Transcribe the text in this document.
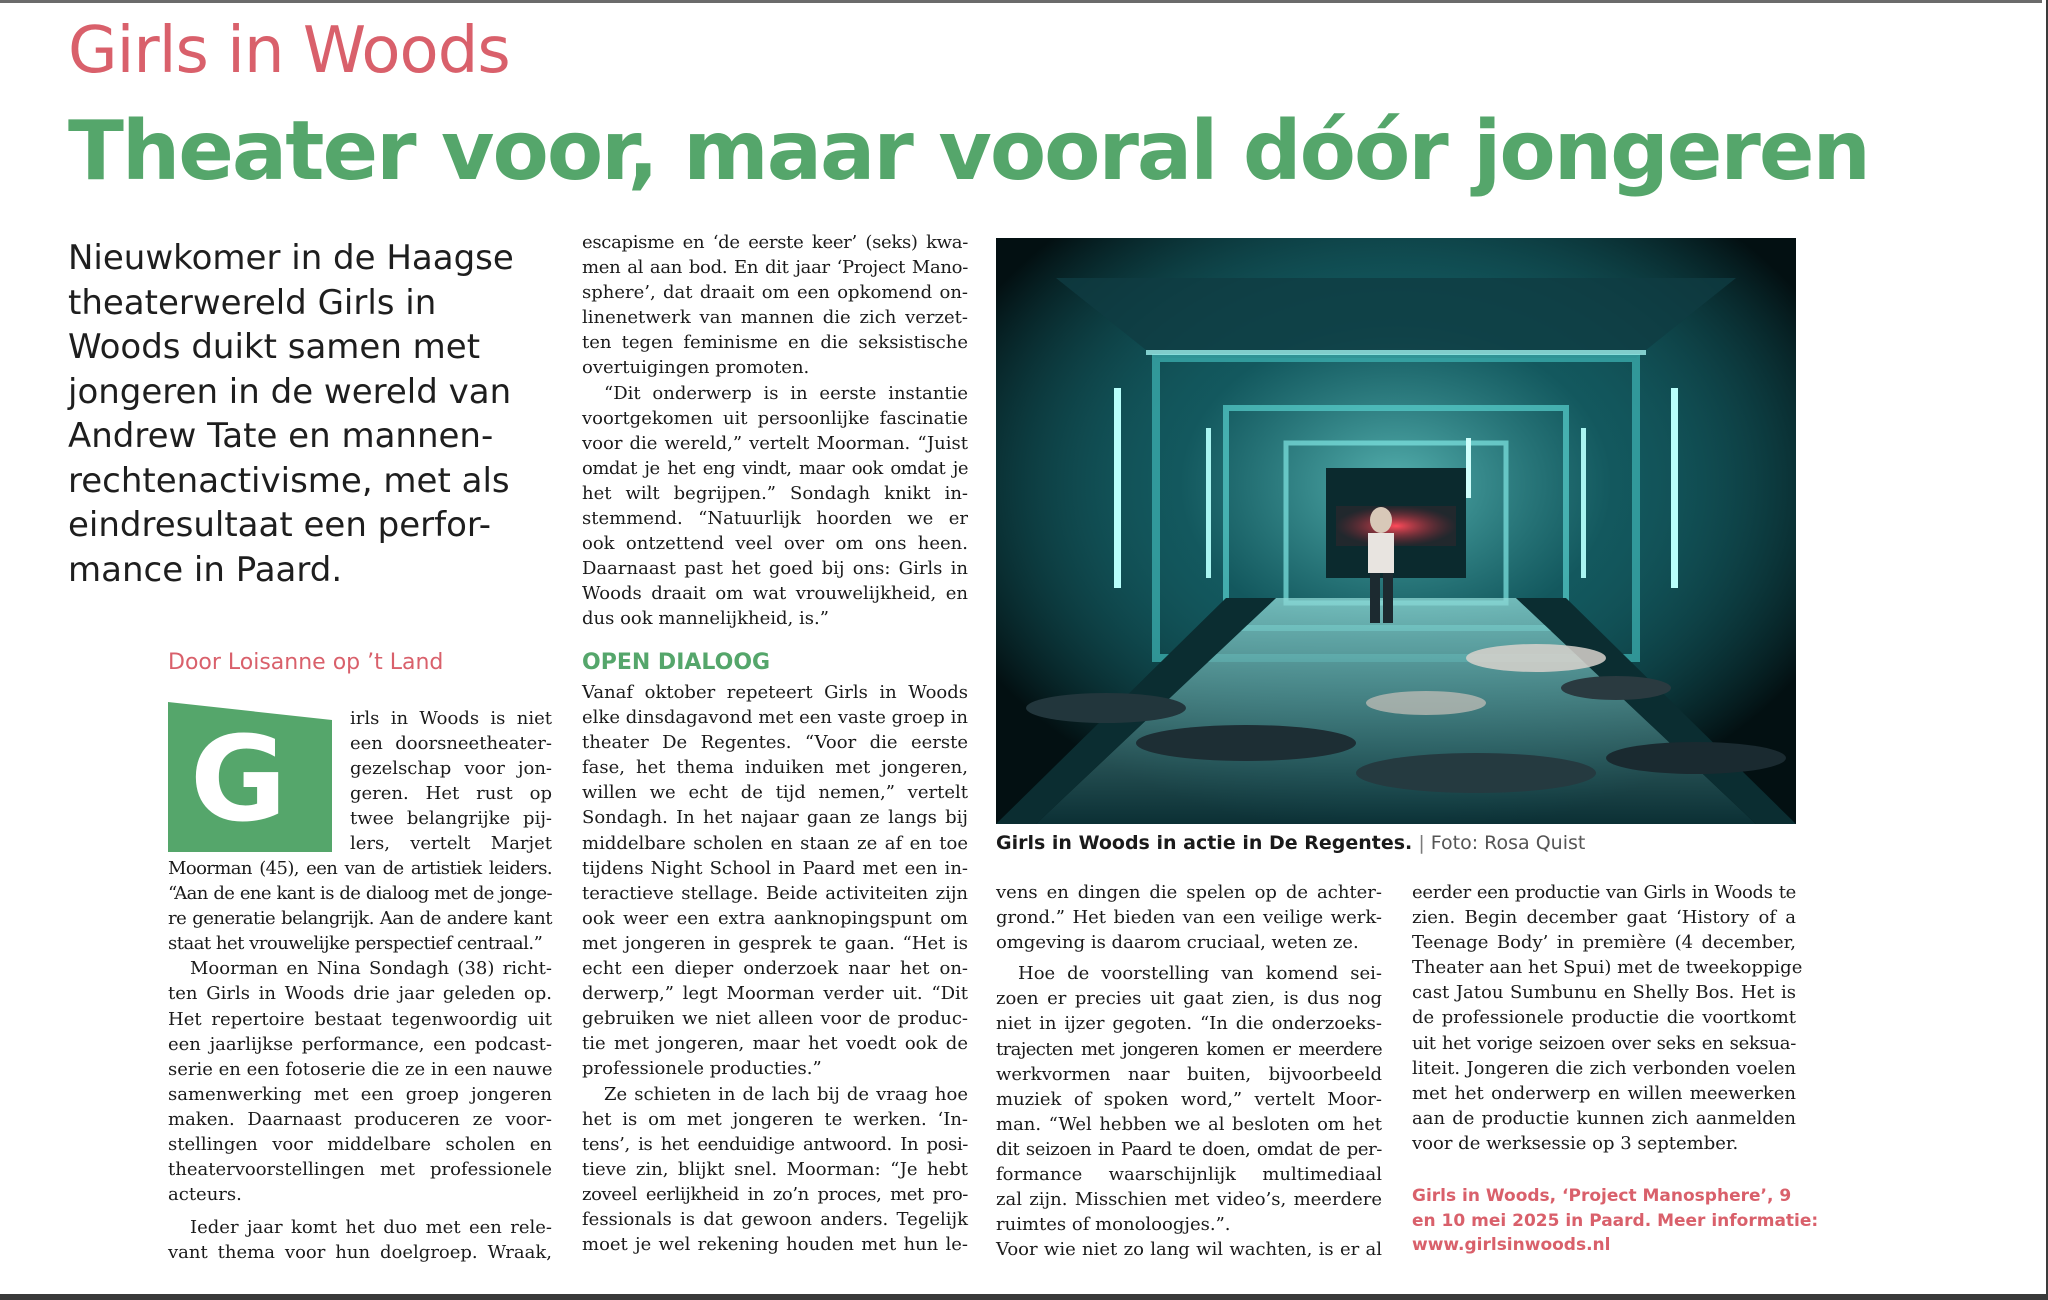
Girls in Woods
Theater voor, maar vooral dóór jongeren
Nieuwkomer in de Haagse
theaterwereld Girls in
Woods duikt samen met
jongeren in de wereld van
Andrew Tate en mannen-
rechtenactivisme, met als
eindresultaat een perfor-
mance in Paard.
Door Loisanne op ’t Land
G	irls in Woods is niet
een doorsneetheater-
gezelschap voor jon-
geren. Het rust op
twee belangrijke pij-
lers, vertelt Marjet
Moorman (45), een van de artistiek leiders.
“Aan de ene kant is de dialoog met de jonge-
re generatie belangrijk. Aan de andere kant
staat het vrouwelijke perspectief centraal.”
Moorman en Nina Sondagh (38) richt-
ten Girls in Woods drie jaar geleden op.
Het repertoire bestaat tegenwoordig uit
een jaarlijkse performance, een podcast-
serie en een fotoserie die ze in een nauwe
samenwerking met een groep jongeren
maken. Daarnaast produceren ze voor-
stellingen voor middelbare scholen en
theatervoorstellingen met professionele
acteurs.
Ieder jaar komt het duo met een rele-
vant thema voor hun doelgroep. Wraak,
escapisme en ‘de eerste keer’ (seks) kwa-
men al aan bod. En dit jaar ‘Project Mano-
sphere’, dat draait om een opkomend on-
linenetwerk van mannen die zich verzet-
ten tegen feminisme en die seksistische
overtuigingen promoten.
“Dit onderwerp is in eerste instantie
voortgekomen uit persoonlijke fascinatie
voor die wereld,” vertelt Moorman. “Juist
omdat je het eng vindt, maar ook omdat je
het wilt begrijpen.” Sondagh knikt in-
stemmend. “Natuurlijk hoorden we er
ook ontzettend veel over om ons heen.
Daarnaast past het goed bij ons: Girls in
Woods draait om wat vrouwelijkheid, en
dus ook mannelijkheid, is.”
OPEN DIALOOG
Vanaf oktober repeteert Girls in Woods
elke dinsdagavond met een vaste groep in
theater De Regentes. “Voor die eerste
fase, het thema induiken met jongeren,
willen we echt de tijd nemen,” vertelt
Sondagh. In het najaar gaan ze langs bij
middelbare scholen en staan ze af en toe
tijdens Night School in Paard met een in-
teractieve stellage. Beide activiteiten zijn
ook weer een extra aanknopingspunt om
met jongeren in gesprek te gaan. “Het is
echt een dieper onderzoek naar het on-
derwerp,” legt Moorman verder uit. “Dit
gebruiken we niet alleen voor de produc-
tie met jongeren, maar het voedt ook de
professionele producties.”
Ze schieten in de lach bij de vraag hoe
het is om met jongeren te werken. ‘In-
tens’, is het eenduidige antwoord. In posi-
tieve zin, blijkt snel. Moorman: “Je hebt
zoveel eerlijkheid in zo’n proces, met pro-
fessionals is dat gewoon anders. Tegelijk
moet je wel rekening houden met hun le-
Girls in Woods in actie in De Regentes. | Foto: Rosa Quist
vens en dingen die spelen op de achter-
grond.” Het bieden van een veilige werk-
omgeving is daarom cruciaal, weten ze.
Hoe de voorstelling van komend sei-
zoen er precies uit gaat zien, is dus nog
niet in ijzer gegoten. “In die onderzoeks-
trajecten met jongeren komen er meerdere
werkvormen naar buiten, bijvoorbeeld
muziek of spoken word,” vertelt Moor-
man. “Wel hebben we al besloten om het
dit seizoen in Paard te doen, omdat de per-
formance waarschijnlijk multimediaal
zal zijn. Misschien met video’s, meerdere
ruimtes of monoloogjes.”.
Voor wie niet zo lang wil wachten, is er al
eerder een productie van Girls in Woods te
zien. Begin december gaat ‘History of a
Teenage Body’ in première (4 december,
Theater aan het Spui) met de tweekoppige
cast Jatou Sumbunu en Shelly Bos. Het is
de professionele productie die voortkomt
uit het vorige seizoen over seks en seksua-
liteit. Jongeren die zich verbonden voelen
met het onderwerp en willen meewerken
aan de productie kunnen zich aanmelden
voor de werksessie op 3 september.
Girls in Woods, ‘Project Manosphere’, 9
en 10 mei 2025 in Paard. Meer informatie:
www.girlsinwoods.nl
